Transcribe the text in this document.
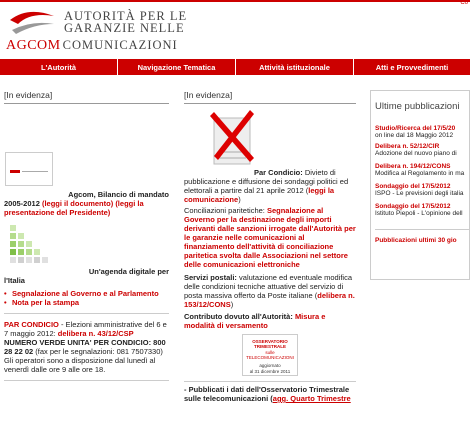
Co
AUTORITÀ PER LE
GARANZIE NELLE
AGCOM COMUNICAZIONI
L'Autorità	Navigazione Tematica	Attività istituzionale	Atti e Provvedimenti
[In evidenza]

Agcom, Bilancio di mandato
2005-2012 (leggi il documento) (leggi la presentazione del Presidente)

Un'agenda digitale per

l'Italia

• Segnalazione al Governo e al Parlamento
• Nota per la stampa

PAR CONDICIO - Elezioni amministrative del 6 e 7 maggio 2012: delibera n. 43/12/CSP

NUMERO VERDE UNITA' PER CONDICIO: 800 28 22 02 (fax per le segnalazioni: 081 7507330)

Gli operatori sono a disposizione dal lunedì al venerdì dalle ore 9 alle ore 18.

[In evidenza]

Par Condicio: Divieto di pubblicazione e diffusione dei sondaggi politici ed elettorali a partire dal 21 aprile 2012 (leggi la comunicazione)

Conciliazioni paritetiche: Segnalazione al Governo per la destinazione degli importi derivanti dalle sanzioni irrogate dall'Autorità per le garanzie nelle comunicazioni al finanziamento dell'attività di conciliazione paritetica svolta dalle Associazioni nel settore delle comunicazioni elettroniche

Servizi postali: valutazione ed eventuale modifica delle condizioni tecniche attuative del servizio di posta massiva offerto da Poste italiane (delibera n. 153/12/CONS)

Contributo dovuto all'Autorità: Misura e modalità di versamento

OSSERVATORIO TRIMESTRALE
sulle TELECOMUNICAZIONI
aggiornato
al 31 dicembre 2011

- Pubblicati i dati dell'Osservatorio Trimestrale sulle telecomunicazioni (agg. Quarto Trimestre

Ultime pubblicazioni
Studio/Ricerca del 17/5/20
on line dal 18 Maggio 2012
Delibera n. 52/12/CIR
Adozione del nuovo piano di
Delibera n. 194/12/CONS
Modifica al Regolamento in ma
Sondaggio del 17/5/2012
ISPO - Le previsioni degli italia
Sondaggio del 17/5/2012
Istituto Piepoli - L'opinione dell
Pubblicazioni ultimi 30 gio
